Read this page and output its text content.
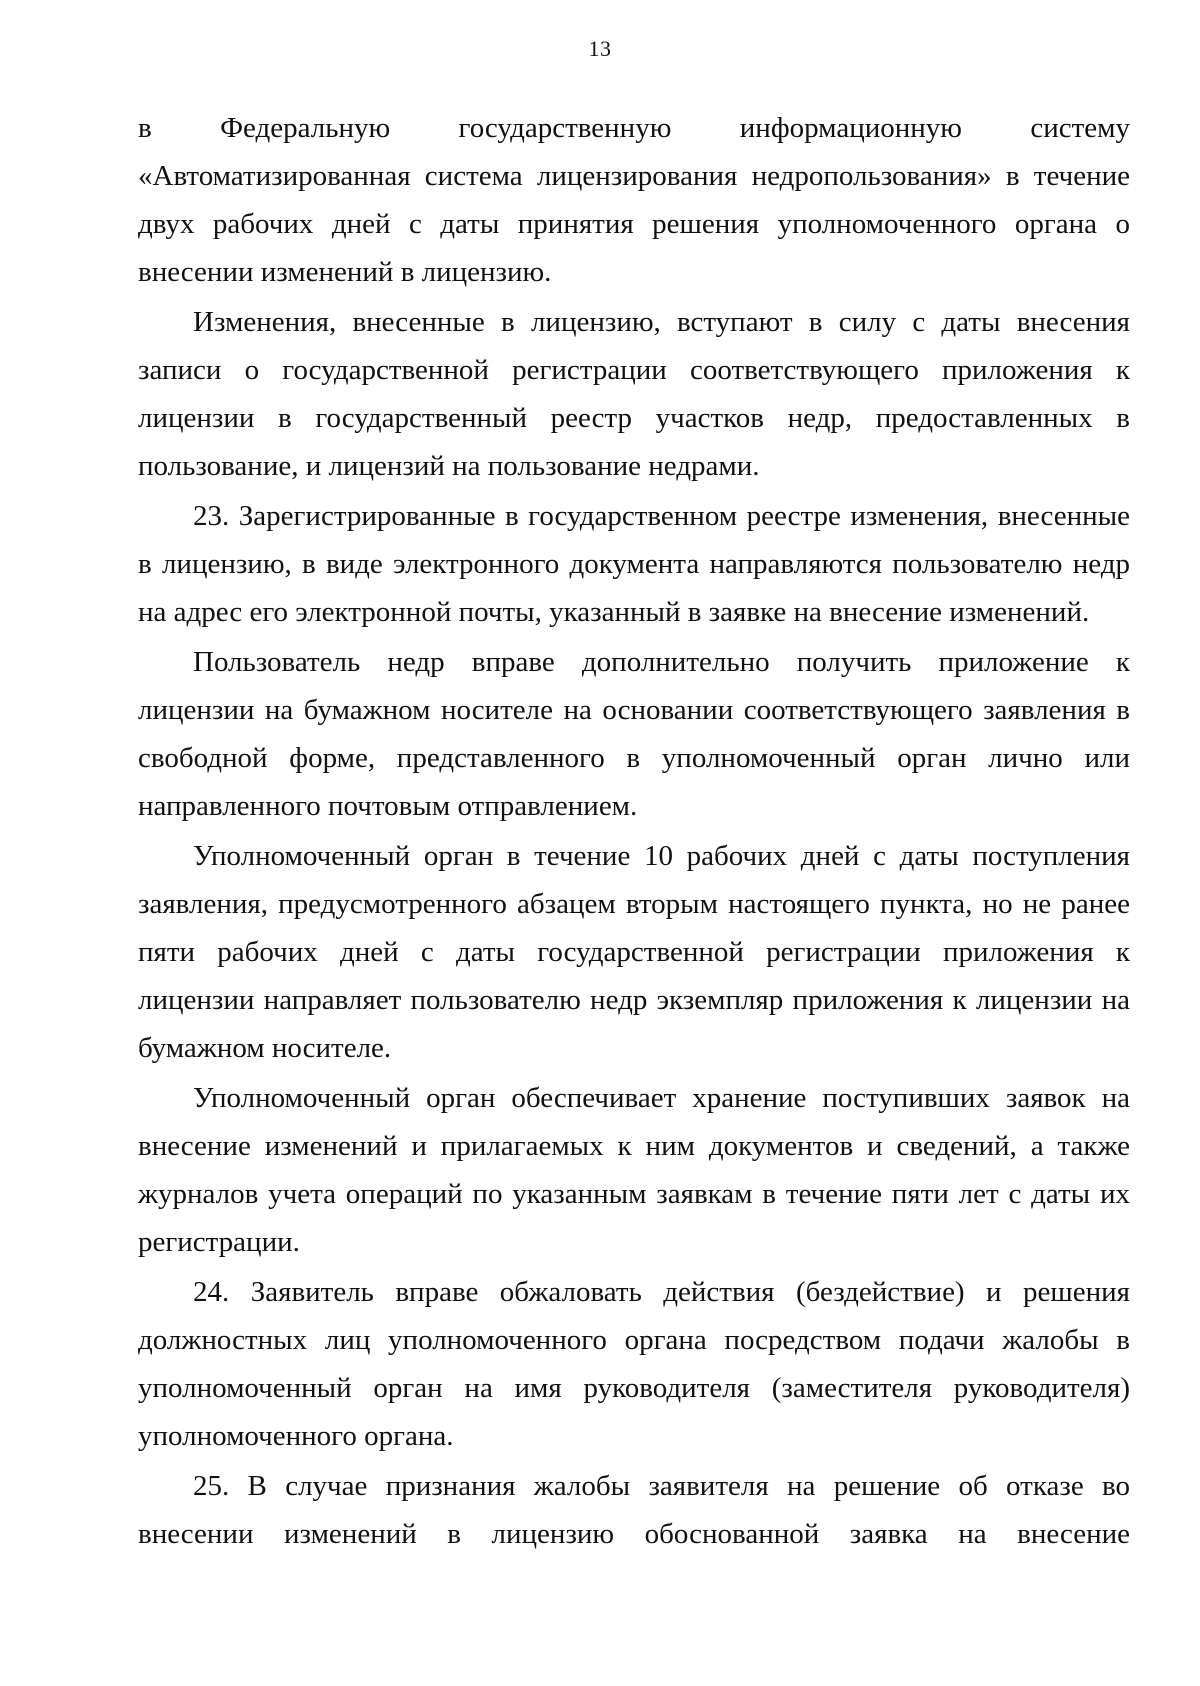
13

в Федеральную государственную информационную систему

«Автоматизированная система лицензирования недропользования» в течение двух рабочих дней с даты принятия решения уполномоченного органа о внесении изменений в лицензию.

Изменения, внесенные в лицензию, вступают в силу с даты внесения записи о государственной регистрации соответствующего приложения к лицензии в государственный реестр участков недр, предоставленных в пользование, и лицензий на пользование недрами.

23. Зарегистрированные в государственном реестре изменения, внесенные в лицензию, в виде электронного документа направляются пользователю недр на адрес его электронной почты, указанный в заявке на внесение изменений.

Пользователь недр вправе дополнительно получить приложение к лицензии на бумажном носителе на основании соответствующего заявления в свободной форме, представленного в уполномоченный орган лично или направленного почтовым отправлением.

Уполномоченный орган в течение 10 рабочих дней с даты поступления заявления, предусмотренного абзацем вторым настоящего пункта, но не ранее пяти рабочих дней с даты государственной регистрации приложения к лицензии направляет пользователю недр экземпляр приложения к лицензии на бумажном носителе.

Уполномоченный орган обеспечивает хранение поступивших заявок на внесение изменений и прилагаемых к ним документов и сведений, а также журналов учета операций по указанным заявкам в течение пяти лет с даты их регистрации.

24. Заявитель вправе обжаловать действия (бездействие) и решения должностных лиц уполномоченного органа посредством подачи жалобы в уполномоченный орган на имя руководителя (заместителя руководителя) уполномоченного органа.

25. В случае признания жалобы заявителя на решение об отказе во внесении изменений в лицензию обоснованной заявка на внесение
